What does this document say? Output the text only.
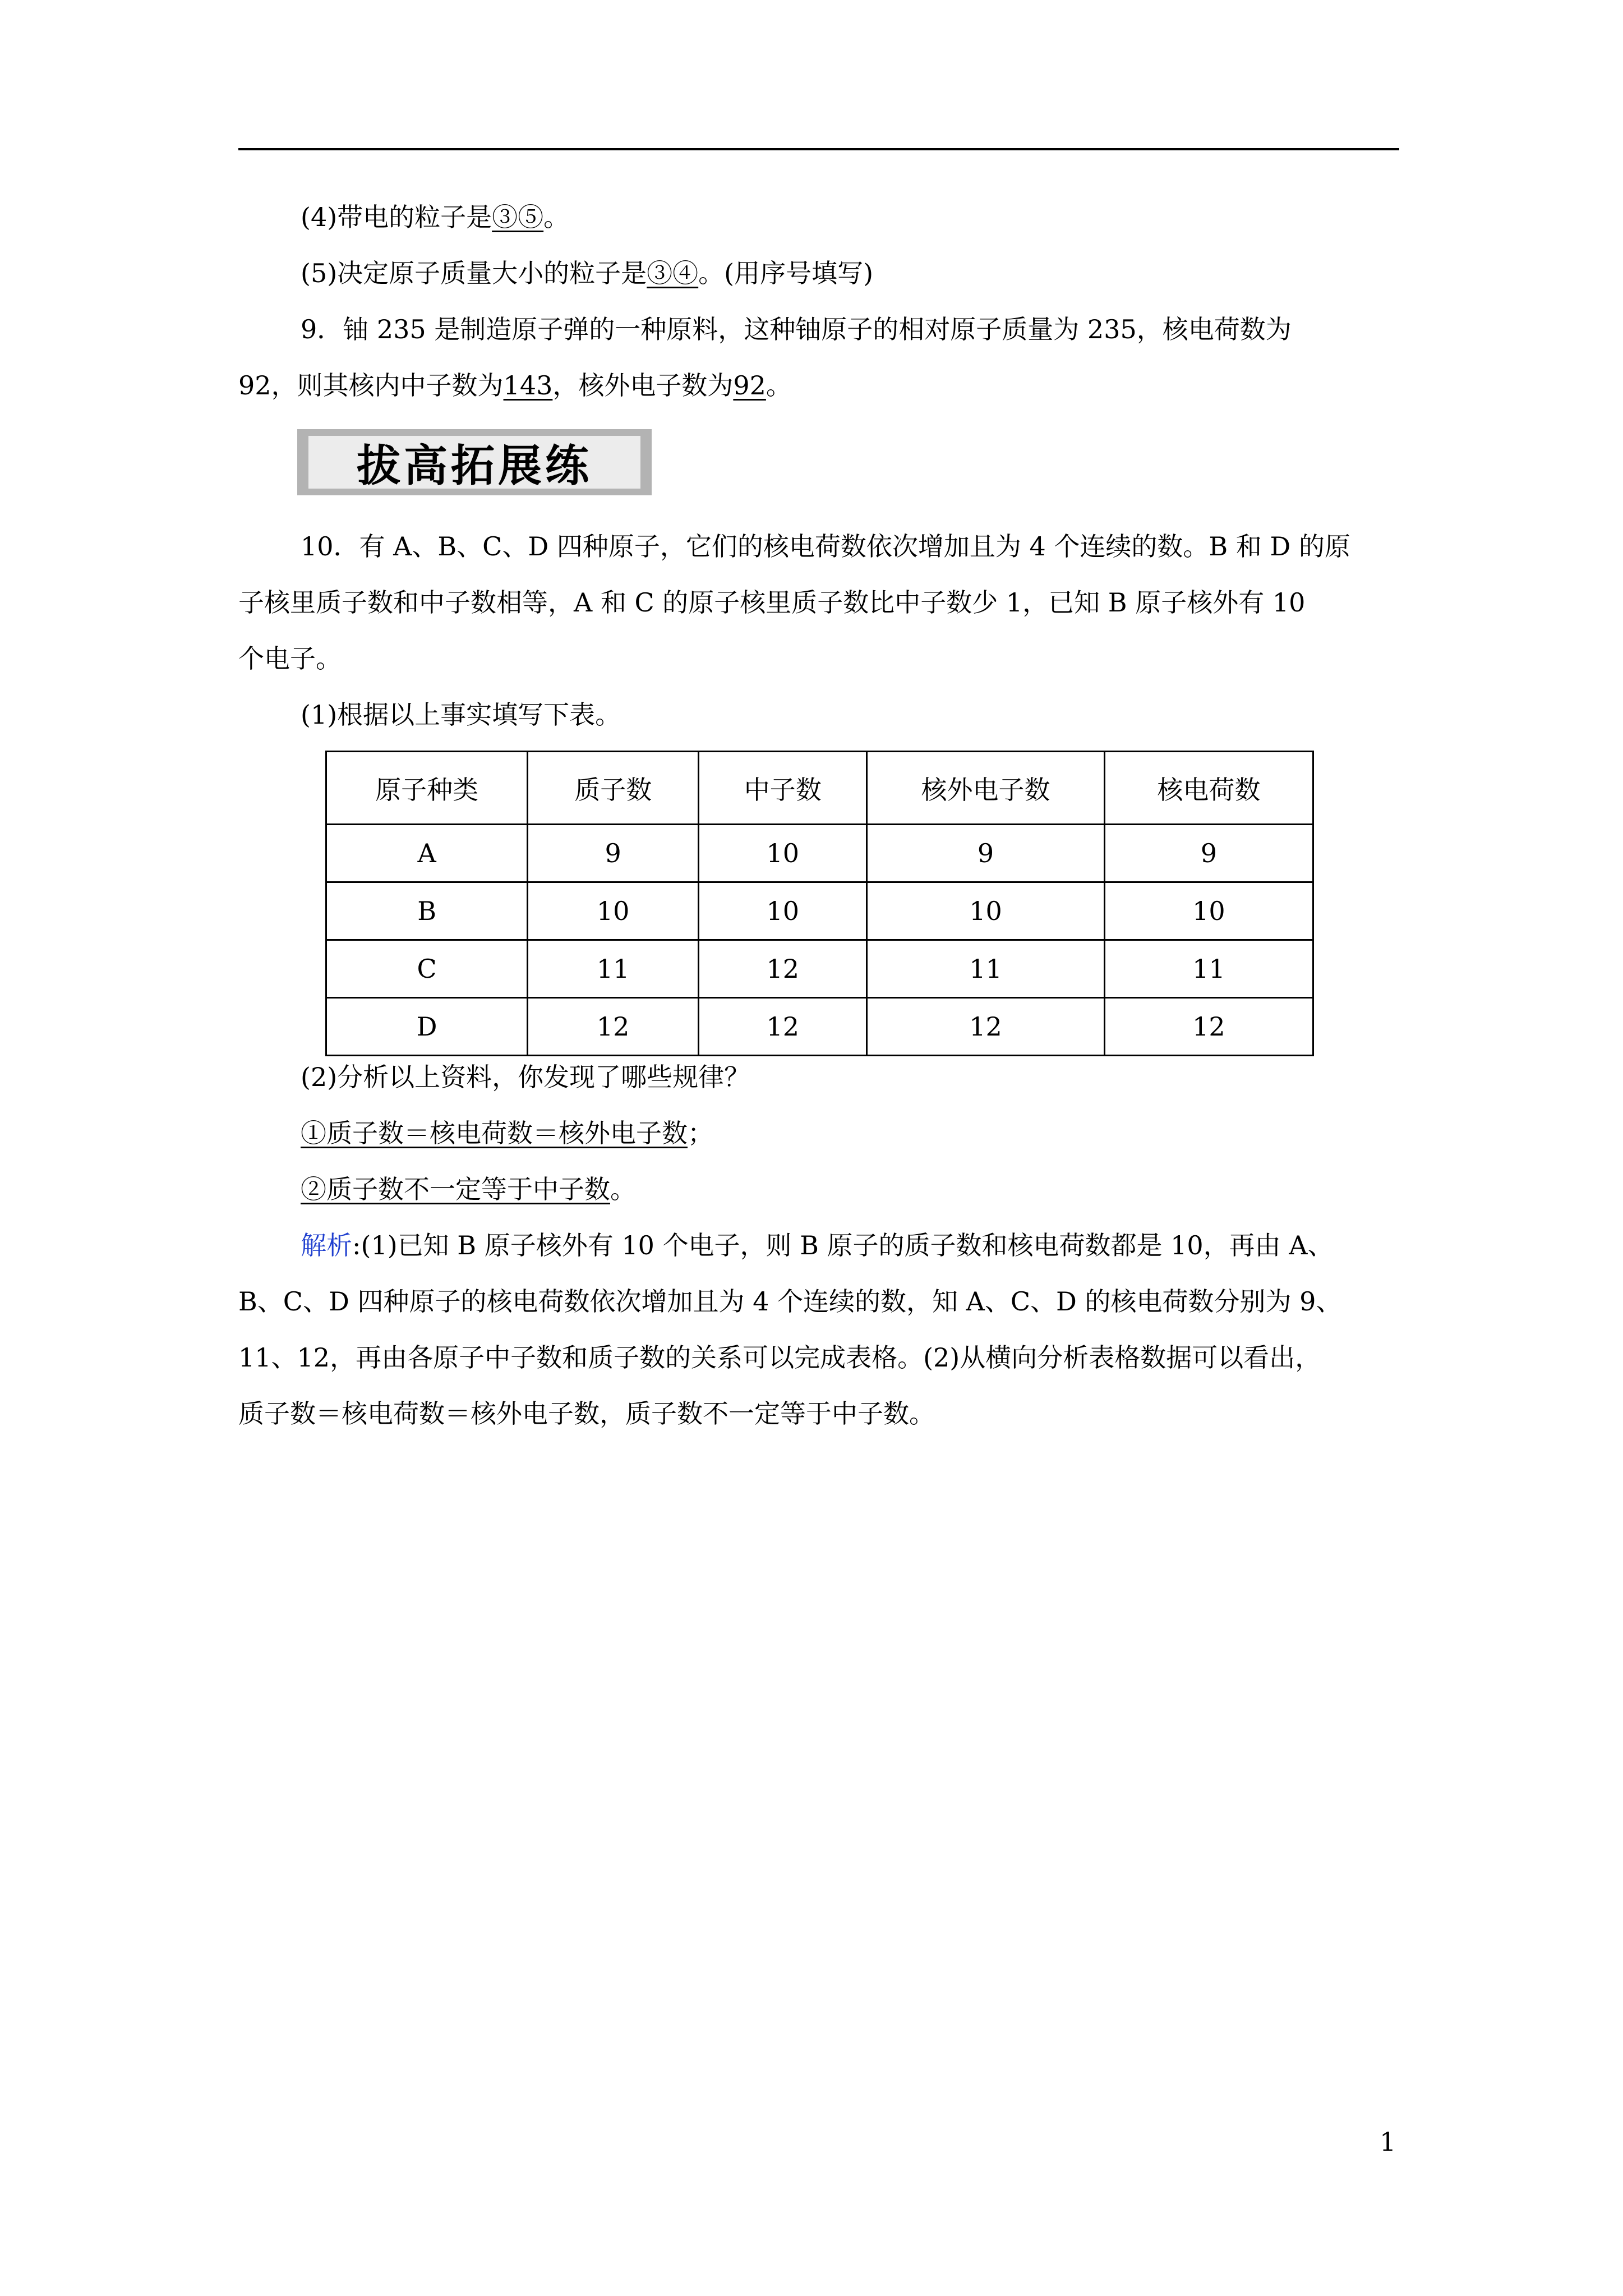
(4)带电的粒子是③⑤。
(5)决定原子质量大小的粒子是③④。(用序号填写)
9．铀 235 是制造原子弹的一种原料，这种铀原子的相对原子质量为 235，核电荷数为
92，则其核内中子数为143，核外电子数为92。
拔高拓展练
10．有 A、B、C、D 四种原子，它们的核电荷数依次增加且为 4 个连续的数。B 和 D 的原
子核里质子数和中子数相等，A 和 C 的原子核里质子数比中子数少 1，已知 B 原子核外有 10
个电子。
(1)根据以上事实填写下表。
原子种类	质子数	中子数	核外电子数	核电荷数
A	9	10	9	9
B	10	10	10	10
C	11	12	11	11
D	12	12	12	12
(2)分析以上资料，你发现了哪些规律？
①质子数＝核电荷数＝核外电子数；
②质子数不一定等于中子数。
解析:(1)已知 B 原子核外有 10 个电子，则 B 原子的质子数和核电荷数都是 10，再由 A、
B、C、D 四种原子的核电荷数依次增加且为 4 个连续的数，知 A、C、D 的核电荷数分别为 9、
11、12，再由各原子中子数和质子数的关系可以完成表格。(2)从横向分析表格数据可以看出，
质子数＝核电荷数＝核外电子数，质子数不一定等于中子数。
1
